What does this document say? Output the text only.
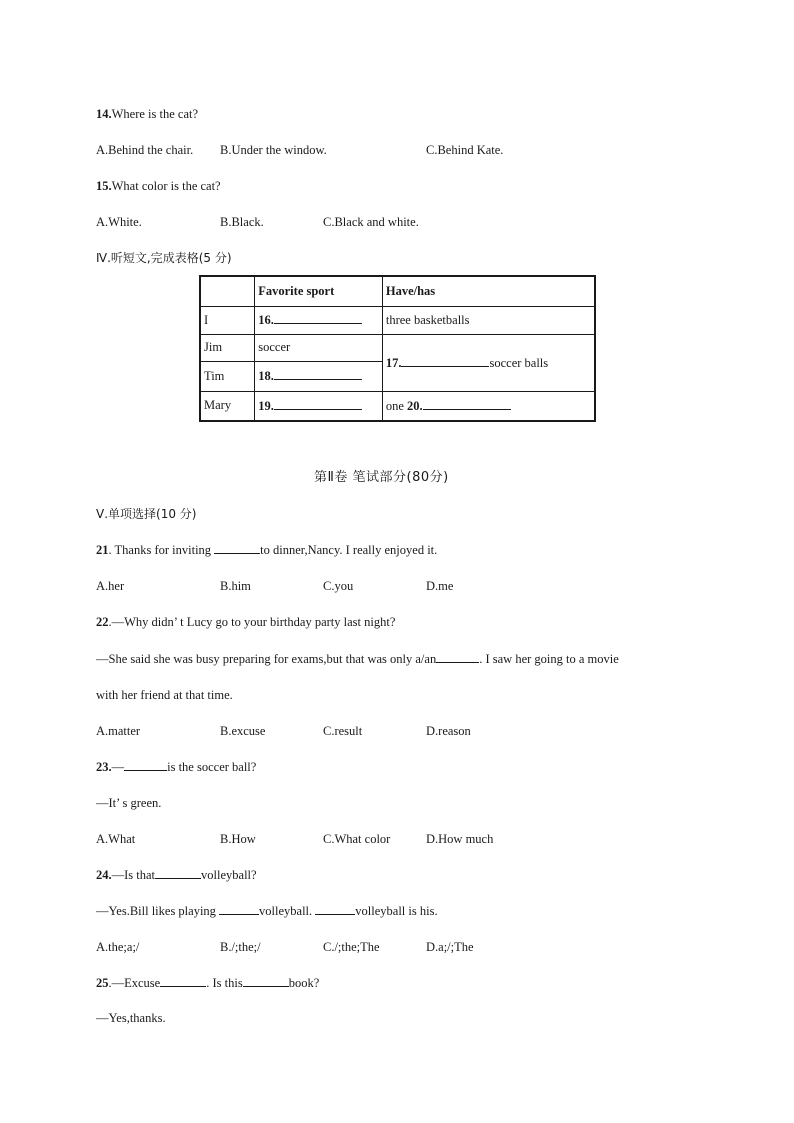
14.Where is the cat?
A.Behind the chair. B.Under the window.	C.Behind Kate.
15.What color is the cat?
A.White.	B.Black.	C.Black and white.
Ⅳ.听短文,完成表格(5 分)
	Favorite sport	Have/has
I	16.	three basketballs
Jim	soccer	17. soccer balls
Tim	18.	
Mary	19.	one 20.
第Ⅱ卷 笔试部分(80分)
Ⅴ.单项选择(10 分)
21. Thanks for inviting	to dinner,Nancy. I really enjoyed it.
A.her	B.him	C.you	D.me
22.—Why didn’ t Lucy go to your birthday party last night?
—She said she was busy preparing for exams,but that was only a/an	. I saw her going to a movie
with her friend at that time.
A.matter	B.excuse	C.result	D.reason
23.—	is the soccer ball?
—It’ s green.
A.What	B.How	C.What color	D.How much
24.—Is that	volleyball?
—Yes.Bill likes playing	volleyball.	volleyball is his.
A.the;a;/	B./;the;/	C./;the;The	D.a;/;The
25.—Excuse	. Is this	book?
—Yes,thanks.
